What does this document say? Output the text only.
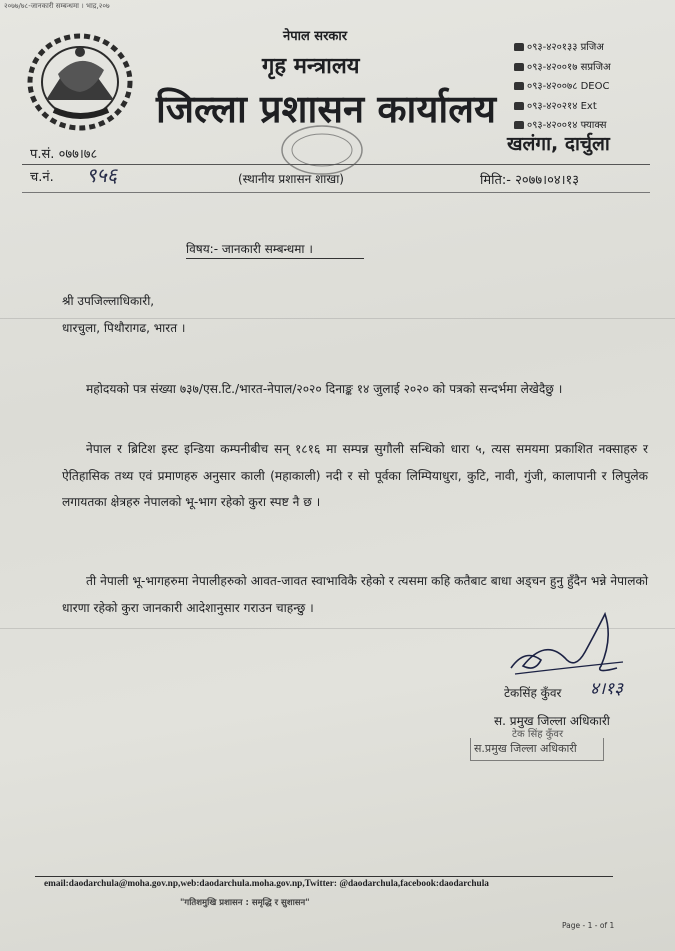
२०७७/७८-जानकारी सम्बन्धमा । भाद्र,२०७
नेपाल सरकार
गृह मन्त्रालय
जिल्ला प्रशासन कार्यालय
०९३-४२०१३३ प्रजिअ
०९३-४२००१७ सप्रजिअ
०९३-४२००७८ DEOC
०९३-४२०२१४ Ext
०९३-४२००१४ फ्याक्स
खलंगा, दार्चुला
प.सं. ०७७।७८
च.नं. ९५६	(स्थानीय प्रशासन शाखा)	मिति:- २०७७।०४।१३
विषय:- जानकारी सम्बन्धमा ।
श्री उपजिल्लाधिकारी,
धारचुला, पिथौरागढ, भारत ।
महोदयको पत्र संख्या ७३७/एस.टि./भारत-नेपाल/२०२० दिनाङ्क १४ जुलाई २०२० को पत्रको सन्दर्भमा लेखेदैछु ।
नेपाल र ब्रिटिश इस्ट इन्डिया कम्पनीबीच सन् १८१६ मा सम्पन्न सुगौली सन्धिको धारा ५, त्यस समयमा प्रकाशित नक्साहरु र ऐतिहासिक तथ्य एवं प्रमाणहरु अनुसार काली (महाकाली) नदी र सो पूर्वका लिम्पियाधुरा, कुटि, नावी, गुंजी, कालापानी र लिपुलेक लगायतका क्षेत्रहरु नेपालको भू-भाग रहेको कुरा स्पष्ट नै छ ।
ती नेपाली भू-भागहरुमा नेपालीहरुको आवत-जावत स्वाभाविकै रहेको र त्यसमा कहि कतैबाट बाधा अड्चन हुनु हुँदैन भन्ने नेपालको धारणा रहेको कुरा जानकारी आदेशानुसार गराउन चाहन्छु ।
४।१३
टेकसिंह कुँवर
स. प्रमुख जिल्ला अधिकारी
टेक सिंह कुँवर
स.प्रमुख जिल्ला अधिकारी
email:daodarchula@moha.gov.np,web:daodarchula.moha.gov.np,Twitter: @daodarchula,facebook:daodarchula
"गतिशमुखि प्रशासन : समृद्धि र सुशासन"
Page - 1 - of 1
